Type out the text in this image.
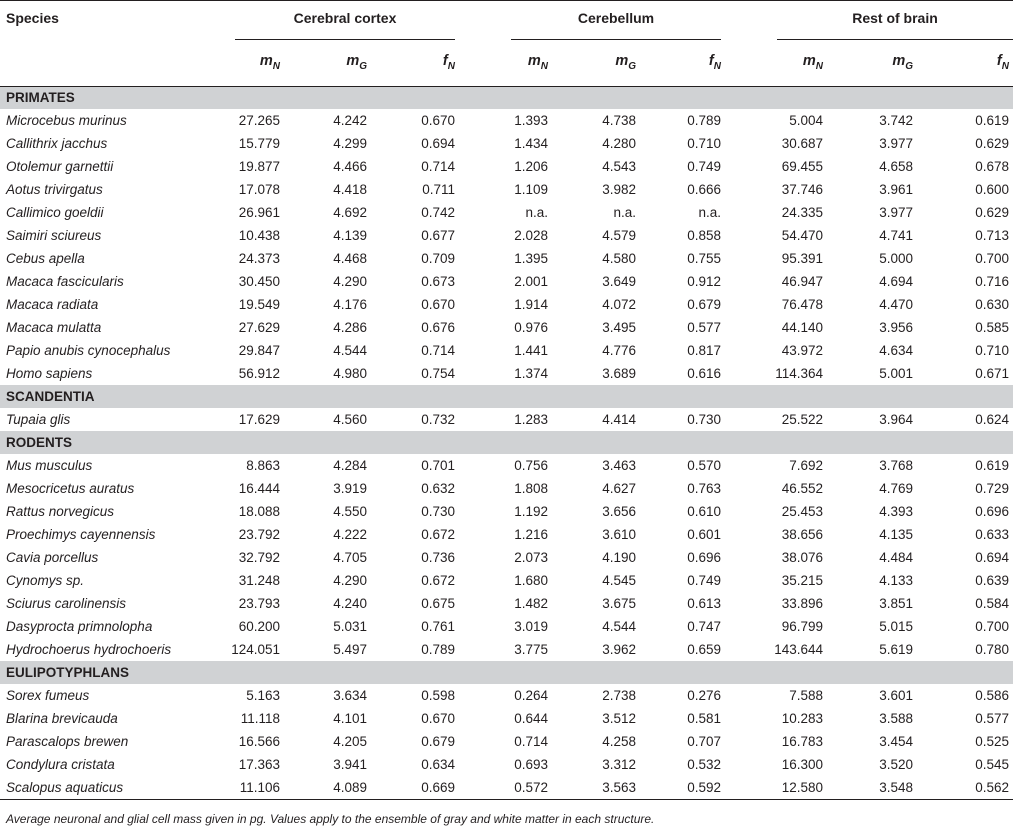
Species	Cerebral cortex			Cerebellum			Rest of brain		

	$m_N$	$m_G$	$f_N$	$m_N$	$m_G$	$f_N$	$m_N$	$m_G$	$f_N$
PRIMATES									
Microcebus murinus	27.265	4.242	0.670	1.393	4.738	0.789	5.004	3.742	0.619
Callithrix jacchus	15.779	4.299	0.694	1.434	4.280	0.710	30.687	3.977	0.629
Otolemur garnettii	19.877	4.466	0.714	1.206	4.543	0.749	69.455	4.658	0.678
Aotus trivirgatus	17.078	4.418	0.711	1.109	3.982	0.666	37.746	3.961	0.600
Callimico goeldii	26.961	4.692	0.742	n.a.	n.a.	n.a.	24.335	3.977	0.629
Saimiri sciureus	10.438	4.139	0.677	2.028	4.579	0.858	54.470	4.741	0.713
Cebus apella	24.373	4.468	0.709	1.395	4.580	0.755	95.391	5.000	0.700
Macaca fascicularis	30.450	4.290	0.673	2.001	3.649	0.912	46.947	4.694	0.716
Macaca radiata	19.549	4.176	0.670	1.914	4.072	0.679	76.478	4.470	0.630
Macaca mulatta	27.629	4.286	0.676	0.976	3.495	0.577	44.140	3.956	0.585
Papio anubis cynocephalus	29.847	4.544	0.714	1.441	4.776	0.817	43.972	4.634	0.710
Homo sapiens	56.912	4.980	0.754	1.374	3.689	0.616	114.364	5.001	0.671
SCANDENTIA									
Tupaia glis	17.629	4.560	0.732	1.283	4.414	0.730	25.522	3.964	0.624
RODENTS									
Mus musculus	8.863	4.284	0.701	0.756	3.463	0.570	7.692	3.768	0.619
Mesocricetus auratus	16.444	3.919	0.632	1.808	4.627	0.763	46.552	4.769	0.729
Rattus norvegicus	18.088	4.550	0.730	1.192	3.656	0.610	25.453	4.393	0.696
Proechimys cayennensis	23.792	4.222	0.672	1.216	3.610	0.601	38.656	4.135	0.633
Cavia porcellus	32.792	4.705	0.736	2.073	4.190	0.696	38.076	4.484	0.694
Cynomys sp.	31.248	4.290	0.672	1.680	4.545	0.749	35.215	4.133	0.639
Sciurus carolinensis	23.793	4.240	0.675	1.482	3.675	0.613	33.896	3.851	0.584
Dasyprocta primnolopha	60.200	5.031	0.761	3.019	4.544	0.747	96.799	5.015	0.700
Hydrochoerus hydrochoeris	124.051	5.497	0.789	3.775	3.962	0.659	143.644	5.619	0.780
EULIPOTYPHLANS									
Sorex fumeus	5.163	3.634	0.598	0.264	2.738	0.276	7.588	3.601	0.586
Blarina brevicauda	11.118	4.101	0.670	0.644	3.512	0.581	10.283	3.588	0.577
Parascalops brewen	16.566	4.205	0.679	0.714	4.258	0.707	16.783	3.454	0.525
Condylura cristata	17.363	3.941	0.634	0.693	3.312	0.532	16.300	3.520	0.545
Scalopus aquaticus	11.106	4.089	0.669	0.572	3.563	0.592	12.580	3.548	0.562
Average neuronal and glial cell mass given in pg. Values apply to the ensemble of gray and white matter in each structure.
